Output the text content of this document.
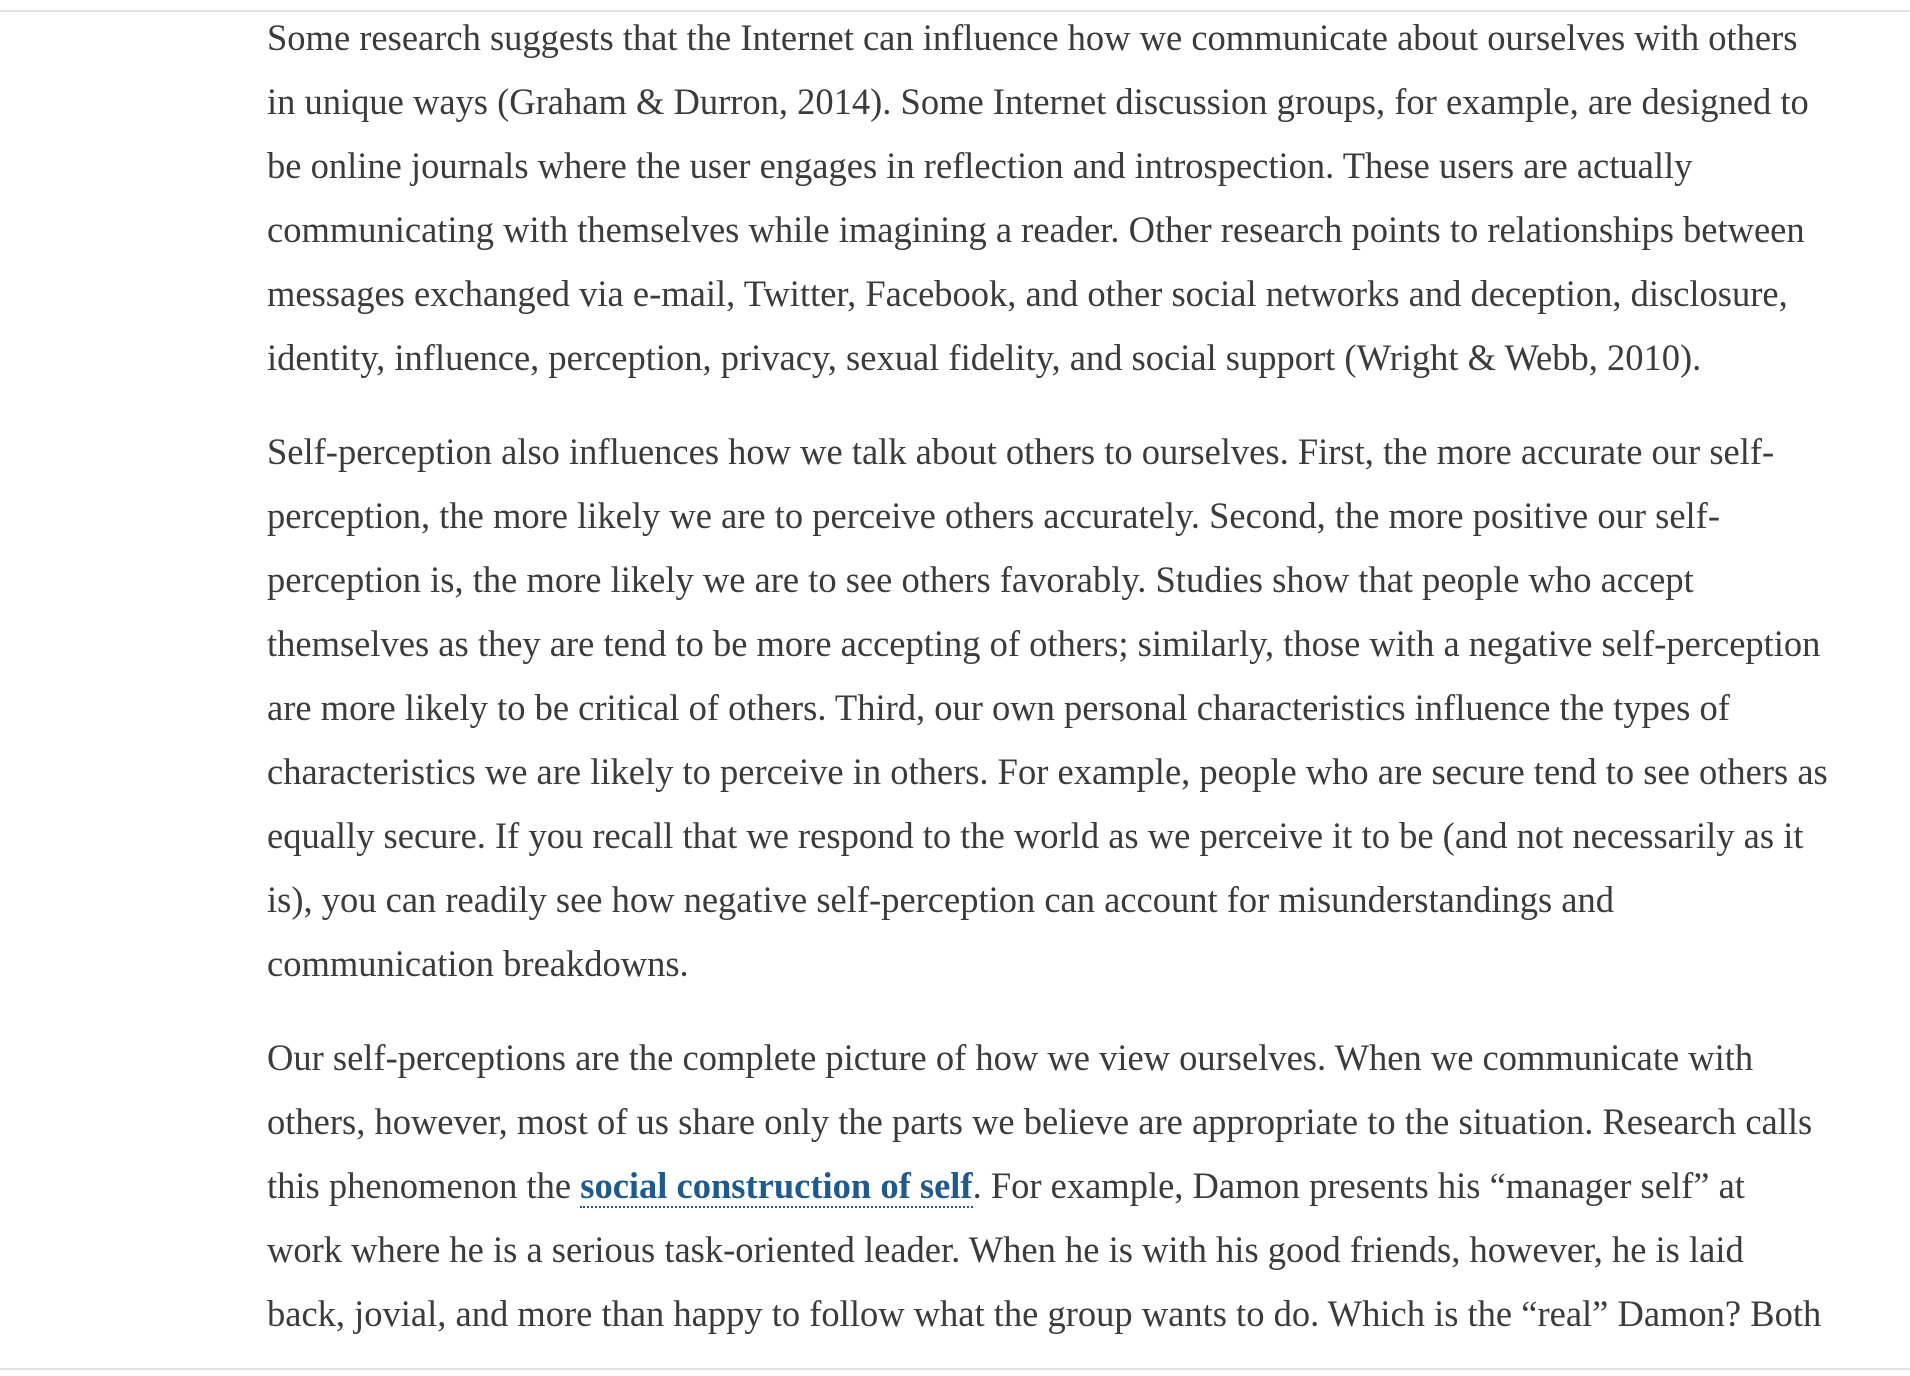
Some research suggests that the Internet can influence how we communicate about ourselves with others
in unique ways (Graham & Durron, 2014). Some Internet discussion groups, for example, are designed to
be online journals where the user engages in reflection and introspection. These users are actually
communicating with themselves while imagining a reader. Other research points to relationships between
messages exchanged via e-mail, Twitter, Facebook, and other social networks and deception, disclosure,
identity, influence, perception, privacy, sexual fidelity, and social support (Wright & Webb, 2010).

Self-perception also influences how we talk about others to ourselves. First, the more accurate our self-
perception, the more likely we are to perceive others accurately. Second, the more positive our self-
perception is, the more likely we are to see others favorably. Studies show that people who accept
themselves as they are tend to be more accepting of others; similarly, those with a negative self-perception
are more likely to be critical of others. Third, our own personal characteristics influence the types of
characteristics we are likely to perceive in others. For example, people who are secure tend to see others as
equally secure. If you recall that we respond to the world as we perceive it to be (and not necessarily as it
is), you can readily see how negative self-perception can account for misunderstandings and
communication breakdowns.

Our self-perceptions are the complete picture of how we view ourselves. When we communicate with
others, however, most of us share only the parts we believe are appropriate to the situation. Research calls
this phenomenon the social construction of self. For example, Damon presents his “manager self” at
work where he is a serious task-oriented leader. When he is with his good friends, however, he is laid
back, jovial, and more than happy to follow what the group wants to do. Which is the “real” Damon? Both
